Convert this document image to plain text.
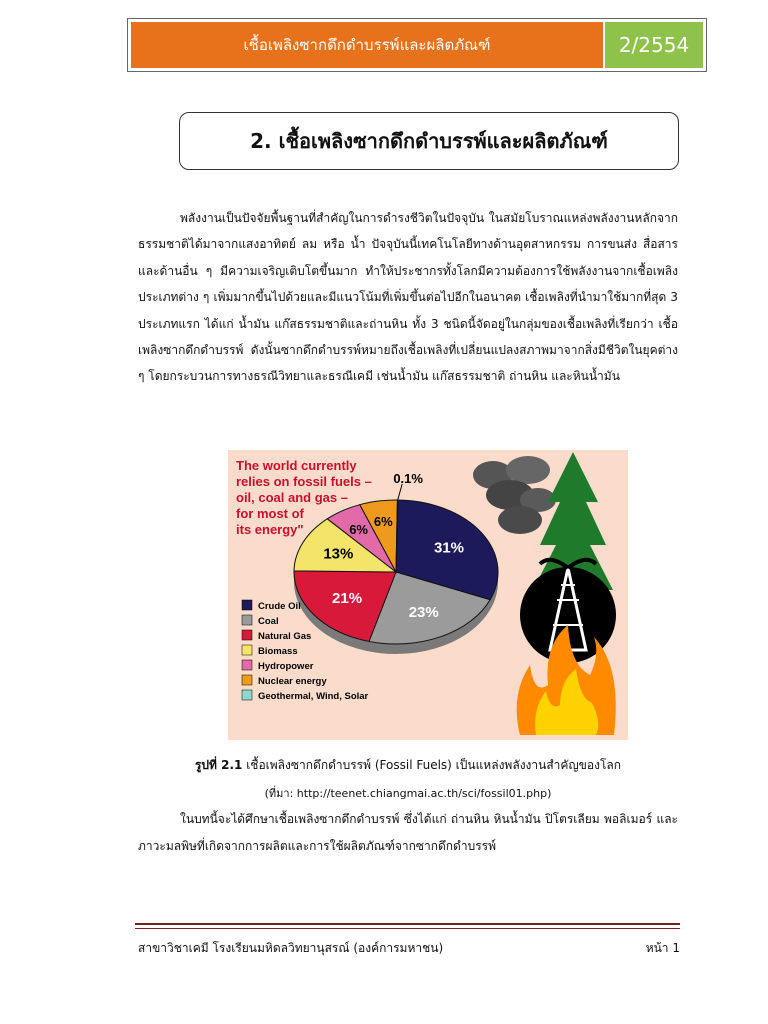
เชื้อเพลิงซากดึกดำบรรพ์และผลิตภัณฑ์	2/2554
2. เชื้อเพลิงซากดึกดำบรรพ์และผลิตภัณฑ์
พลังงานเป็นปัจจัยพื้นฐานที่สำคัญในการดำรงชีวิตในปัจจุบัน ในสมัยโบราณแหล่งพลังงานหลักจากธรรมชาติได้มาจากแสงอาทิตย์ ลม หรือ น้ำ ปัจจุบันนี้เทคโนโลยีทางด้านอุตสาหกรรม การขนส่ง สื่อสารและด้านอื่น ๆ มีความเจริญเติบโตขึ้นมาก ทำให้ประชากรทั้งโลกมีความต้องการใช้พลังงานจากเชื้อเพลิงประเภทต่าง ๆ เพิ่มมากขึ้นไปด้วยและมีแนวโน้มที่เพิ่มขึ้นต่อไปอีกในอนาคต เชื้อเพลิงที่นำมาใช้มากที่สุด 3 ประเภทแรก ได้แก่ น้ำมัน แก๊สธรรมชาติและถ่านหิน ทั้ง 3 ชนิดนี้จัดอยู่ในกลุ่มของเชื้อเพลิงที่เรียกว่า เชื้อเพลิงซากดึกดำบรรพ์ ดังนั้นซากดึกดำบรรพ์หมายถึงเชื้อเพลิงที่เปลี่ยนแปลงสภาพมาจากสิ่งมีชีวิตในยุคต่าง ๆ โดยกระบวนการทางธรณีวิทยาและธรณีเคมี เช่นน้ำมัน แก๊สธรรมชาติ ถ่านหิน และหินน้ำมัน
The world currently
relies on fossil fuels –
oil, coal and gas –
for most of
its energy"
31%
23%
21%
13%
6%
6%
0.1%
Crude Oil
Coal
Natural Gas
Biomass
Hydropower
Nuclear energy
Geothermal, Wind, Solar
รูปที่ 2.1 เชื้อเพลิงซากดึกดำบรรพ์ (Fossil Fuels) เป็นแหล่งพลังงานสำคัญของโลก
(ที่มา: http://teenet.chiangmai.ac.th/sci/fossil01.php)
ในบทนี้จะได้ศึกษาเชื้อเพลิงซากดึกดำบรรพ์ ซึ่งได้แก่ ถ่านหิน หินน้ำมัน ปิโตรเลียม พอลิเมอร์ และภาวะมลพิษที่เกิดจากการผลิตและการใช้ผลิตภัณฑ์จากซากดึกดำบรรพ์
สาขาวิชาเคมี โรงเรียนมหิดลวิทยานุสรณ์ (องค์การมหาชน)	หน้า 1
